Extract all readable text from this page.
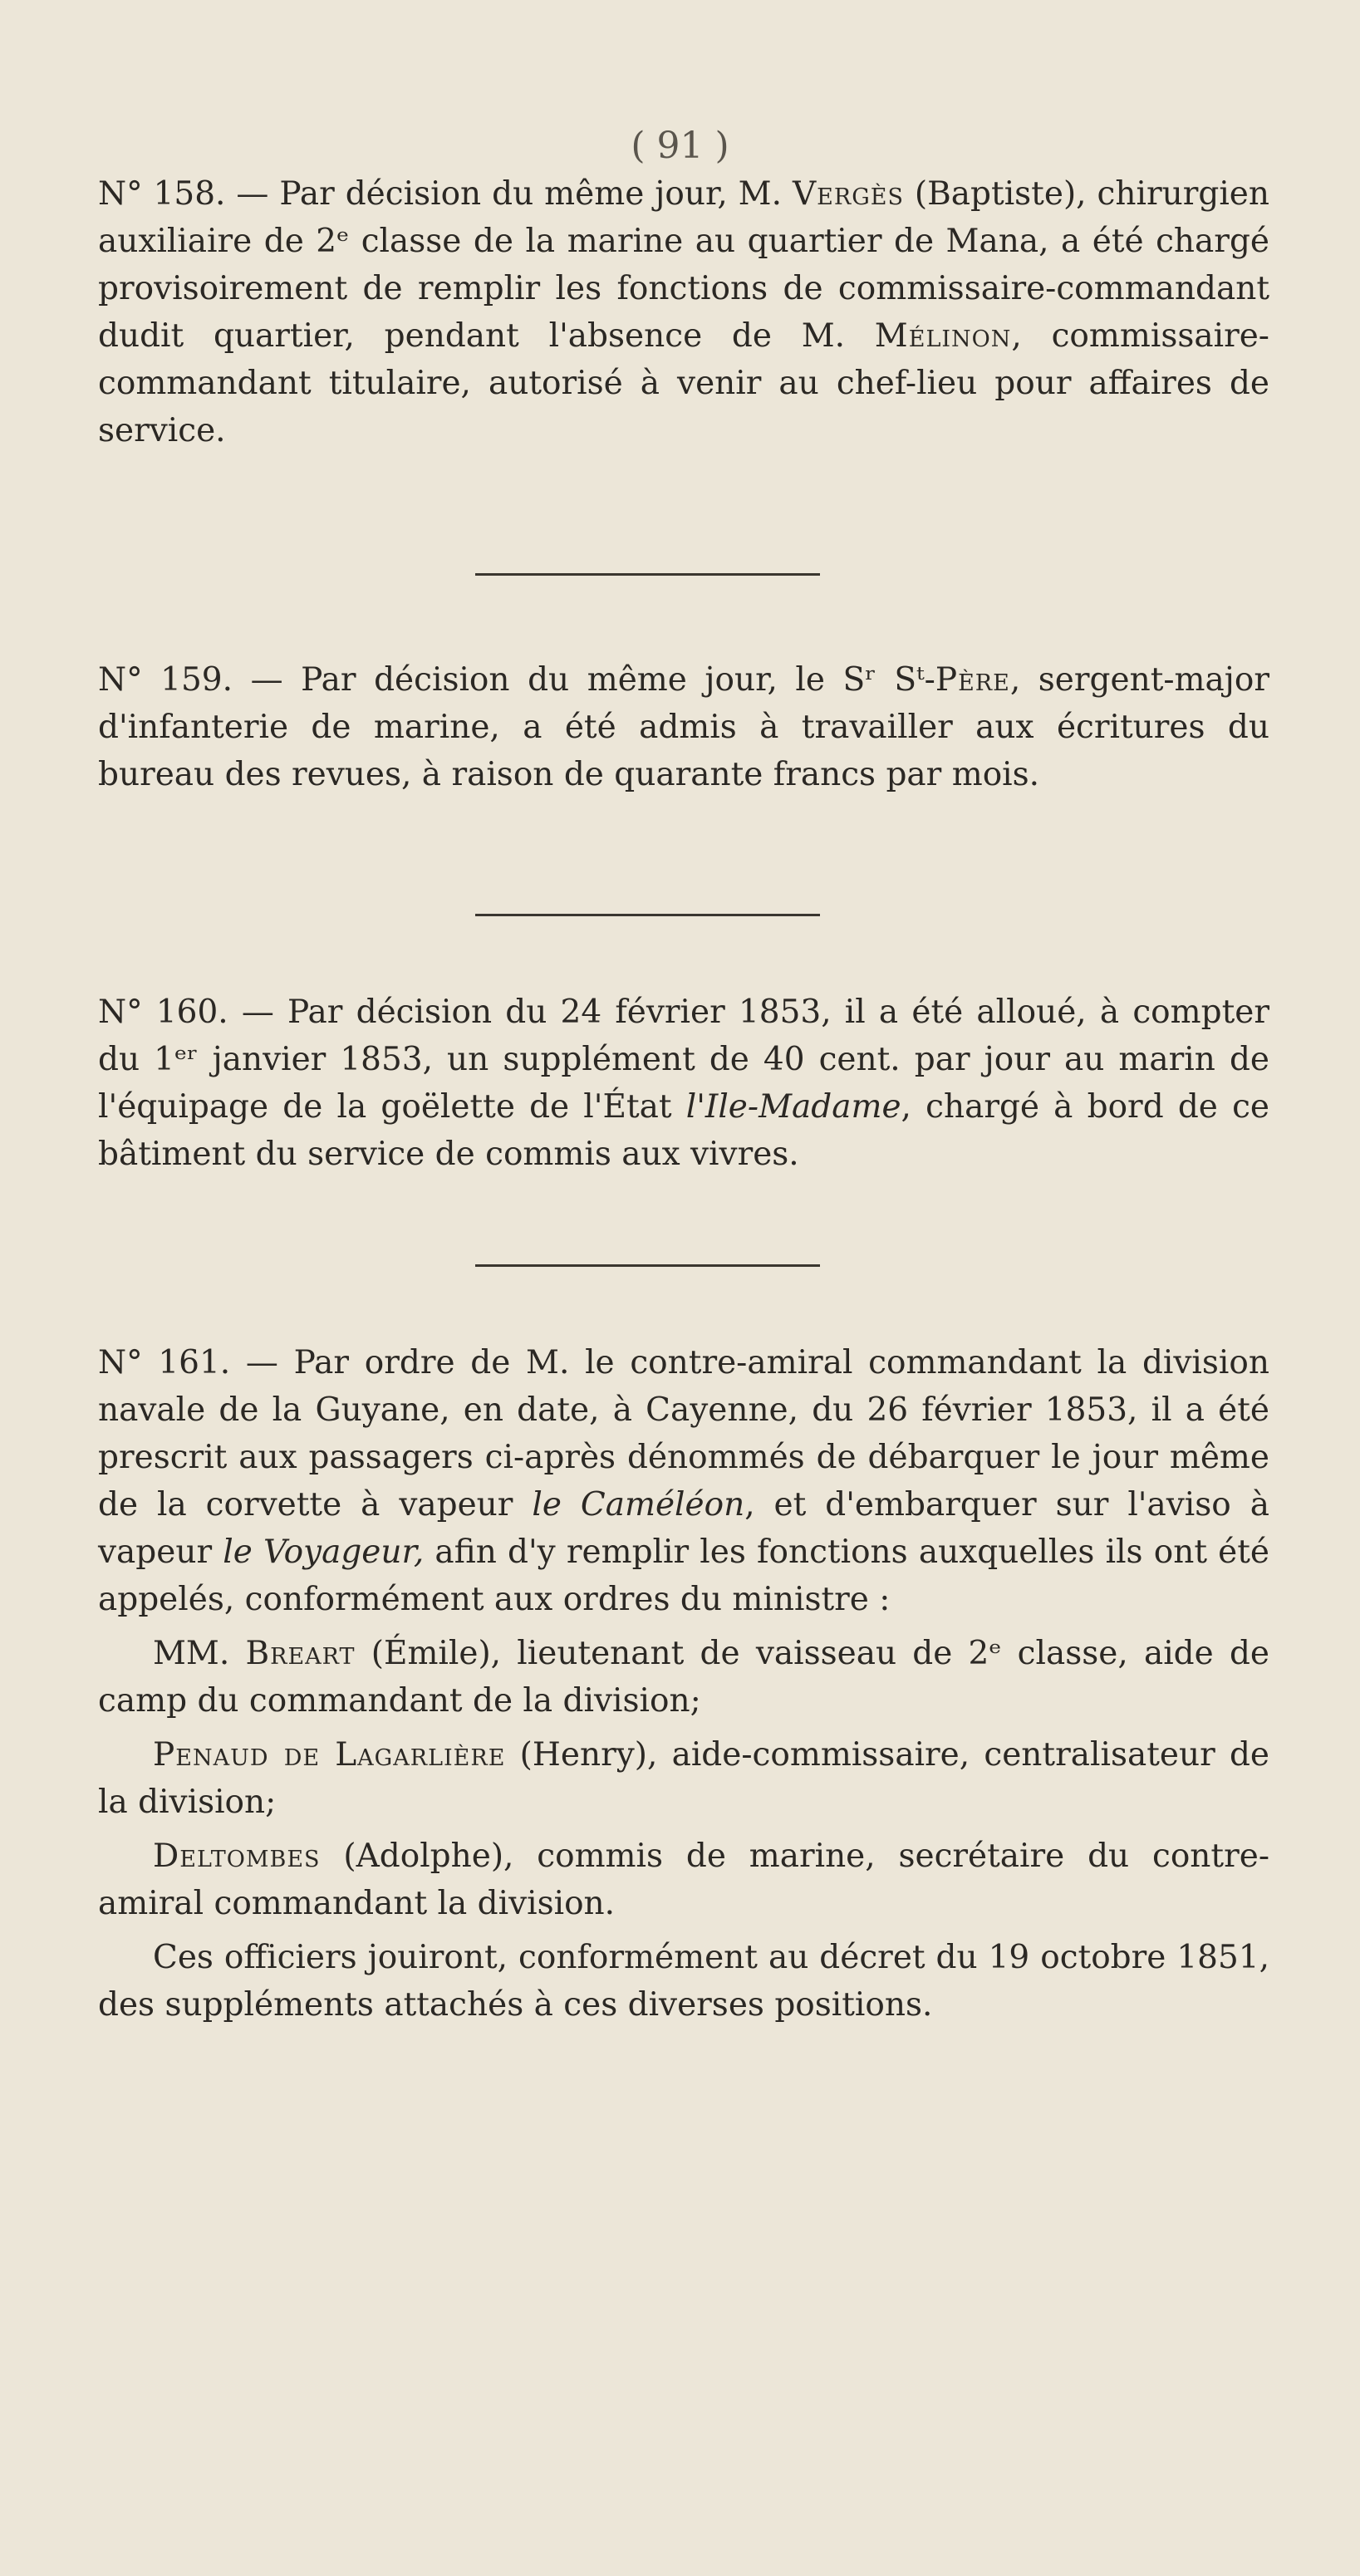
( 91 )

N° 158. — Par décision du même jour, M. Vergès (Baptiste), chirurgien auxiliaire de 2ᵉ classe de la marine au quartier de Mana, a été chargé provisoirement de remplir les fonctions de commissaire-commandant dudit quartier, pendant l'absence de M. Mélinon, commissaire-commandant titulaire, autorisé à venir au chef-lieu pour affaires de service.

N° 159. — Par décision du même jour, le Sʳ Sᵗ-Père, sergent-major d'infanterie de marine, a été admis à travailler aux écritures du bureau des revues, à raison de quarante francs par mois.

N° 160. — Par décision du 24 février 1853, il a été alloué, à compter du 1ᵉʳ janvier 1853, un supplément de 40 cent. par jour au marin de l'équipage de la goëlette de l'État l'Ile-Madame, chargé à bord de ce bâtiment du service de commis aux vivres.

N° 161. — Par ordre de M. le contre-amiral commandant la division navale de la Guyane, en date, à Cayenne, du 26 février 1853, il a été prescrit aux passagers ci-après dénommés de débarquer le jour même de la corvette à vapeur le Caméléon, et d'embarquer sur l'aviso à vapeur le Voyageur, afin d'y remplir les fonctions auxquelles ils ont été appelés, conformément aux ordres du ministre :

MM. Breart (Émile), lieutenant de vaisseau de 2ᵉ classe, aide de camp du commandant de la division;

Penaud de Lagarlière (Henry), aide-commissaire, centralisateur de la division;

Deltombes (Adolphe), commis de marine, secrétaire du contre-amiral commandant la division.

Ces officiers jouiront, conformément au décret du 19 octobre 1851, des suppléments attachés à ces diverses positions.
